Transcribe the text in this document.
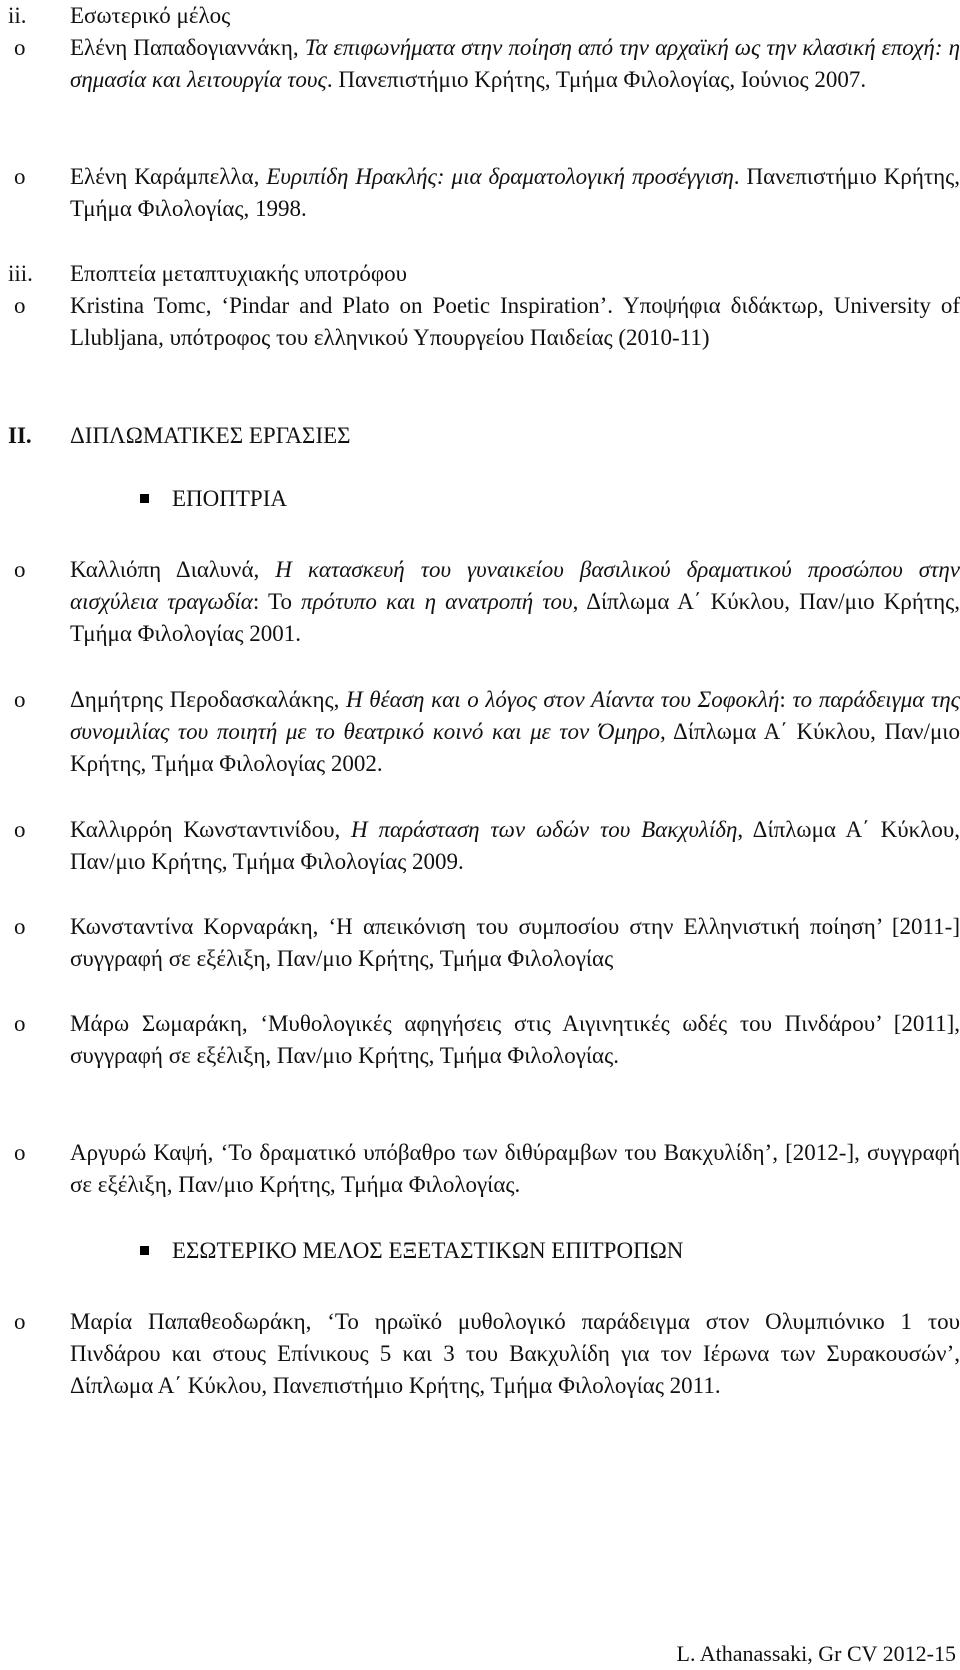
ii. Εσωτερικό μέλος

o Ελένη Παπαδογιαννάκη, Τα επιφωνήματα στην ποίηση από την αρχαϊκή ως την κλασική εποχή: η σημασία και λειτουργία τους. Πανεπιστήμιο Κρήτης, Τμήμα Φιλολογίας, Ιούνιος 2007.

o Ελένη Καράμπελλα, Ευριπίδη Ηρακλής: μια δραματολογική προσέγγιση. Πανεπιστήμιο Κρήτης, Τμήμα Φιλολογίας, 1998.

iii. Εποπτεία μεταπτυχιακής υποτρόφου

o Kristina Tomc, ‘Pindar and Plato on Poetic Inspiration’. Υποψήφια διδάκτωρ, University of Llubljana, υπότροφος του ελληνικού Υπουργείου Παιδείας (2010-11)

II. ΔΙΠΛΩΜΑΤΙΚΕΣ ΕΡΓΑΣΙΕΣ

ΕΠΟΠΤΡΙΑ

o Καλλιόπη Διαλυνά, Η κατασκευή του γυναικείου βασιλικού δραματικού προσώπου στην αισχύλεια τραγωδία: Το πρότυπο και η ανατροπή του, Δίπλωμα Α΄ Κύκλου, Παν/μιο Κρήτης, Τμήμα Φιλολογίας 2001.

o Δημήτρης Περοδασκαλάκης, Η θέαση και ο λόγος στον Αίαντα του Σοφοκλή: το παράδειγμα της συνομιλίας του ποιητή με το θεατρικό κοινό και με τον Όμηρο, Δίπλωμα Α΄ Κύκλου, Παν/μιο Κρήτης, Τμήμα Φιλολογίας 2002.

o Καλλιρρόη Κωνσταντινίδου, Η παράσταση των ωδών του Βακχυλίδη, Δίπλωμα Α΄ Κύκλου, Παν/μιο Κρήτης, Τμήμα Φιλολογίας 2009.

o Κωνσταντίνα Κορναράκη, ‘Η απεικόνιση του συμποσίου στην Ελληνιστική ποίηση’ [2011-] συγγραφή σε εξέλιξη, Παν/μιο Κρήτης, Τμήμα Φιλολογίας

o Μάρω Σωμαράκη, ‘Μυθολογικές αφηγήσεις στις Αιγινητικές ωδές του Πινδάρου’ [2011], συγγραφή σε εξέλιξη, Παν/μιο Κρήτης, Τμήμα Φιλολογίας.

o Αργυρώ Καψή, ‘Το δραματικό υπόβαθρο των διθύραμβων του Βακχυλίδη’, [2012-], συγγραφή σε εξέλιξη, Παν/μιο Κρήτης, Τμήμα Φιλολογίας.

ΕΣΩΤΕΡΙΚΟ ΜΕΛΟΣ ΕΞΕΤΑΣΤΙΚΩΝ ΕΠΙΤΡΟΠΩΝ

o Μαρία Παπαθεοδωράκη, ‘Το ηρωϊκό μυθολογικό παράδειγμα στον Ολυμπιόνικο 1 του Πινδάρου και στους Επίνικους 5 και 3 του Βακχυλίδη για τον Ιέρωνα των Συρακουσών’, Δίπλωμα Α΄ Κύκλου, Πανεπιστήμιο Κρήτης, Τμήμα Φιλολογίας 2011.

L. Athanassaki, Gr CV 2012-15
